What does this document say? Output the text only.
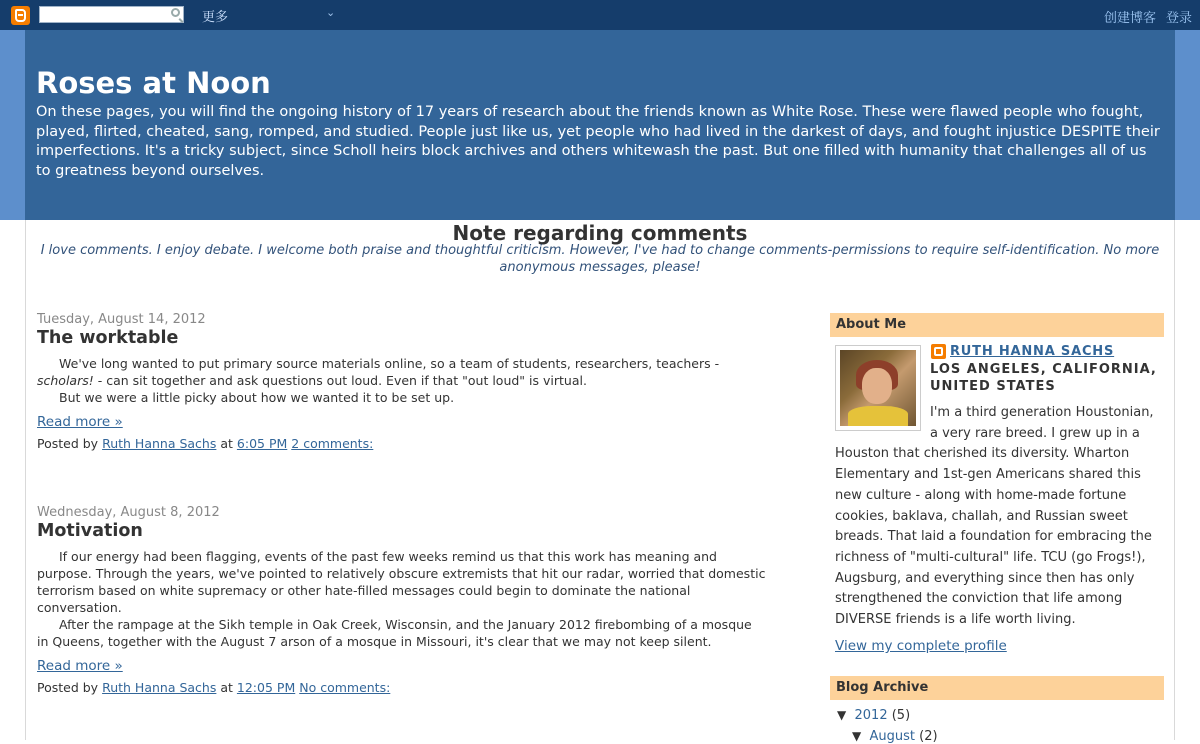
更多	⌄	创建博客 登录
Roses at Noon

On these pages, you will find the ongoing history of 17 years of research about the friends known as White Rose. These were flawed people who fought, played, flirted, cheated, sang, romped, and studied. People just like us, yet people who had lived in the darkest of days, and fought injustice DESPITE their imperfections. It's a tricky subject, since Scholl heirs block archives and others whitewash the past. But one filled with humanity that challenges all of us to greatness beyond ourselves.

Note regarding comments
I love comments. I enjoy debate. I welcome both praise and thoughtful criticism. However, I've had to change comments-permissions to require self-identification. No more anonymous messages, please!

Tuesday, August 14, 2012

The worktable

We've long wanted to put primary source materials online, so a team of students, researchers, teachers - scholars! - can sit together and ask questions out loud. Even if that "out loud" is virtual.

But we were a little picky about how we wanted it to be set up.

Read more »
Posted by Ruth Hanna Sachs at 6:05 PM 2 comments:

Wednesday, August 8, 2012

Motivation

If our energy had been flagging, events of the past few weeks remind us that this work has meaning and purpose. Through the years, we've pointed to relatively obscure extremists that hit our radar, worried that domestic terrorism based on white supremacy or other hate-filled messages could begin to dominate the national conversation.

After the rampage at the Sikh temple in Oak Creek, Wisconsin, and the January 2012 firebombing of a mosque in Queens, together with the August 7 arson of a mosque in Missouri, it's clear that we may not keep silent.

Read more »
Posted by Ruth Hanna Sachs at 12:05 PM No comments:
About Me
RUTH HANNA SACHS
LOS ANGELES, CALIFORNIA, UNITED STATES
I'm a third generation Houstonian, a very rare breed. I grew up in a Houston that cherished its diversity. Wharton Elementary and 1st-gen Americans shared this new culture - along with home-made fortune cookies, baklava, challah, and Russian sweet breads. That laid a foundation for embracing the richness of "multi-cultural" life. TCU (go Frogs!), Augsburg, and everything since then has only strengthened the conviction that life among DIVERSE friends is a life worth living.
View my complete profile
Blog Archive
▼ 2012 (5)
▼ August (2)
